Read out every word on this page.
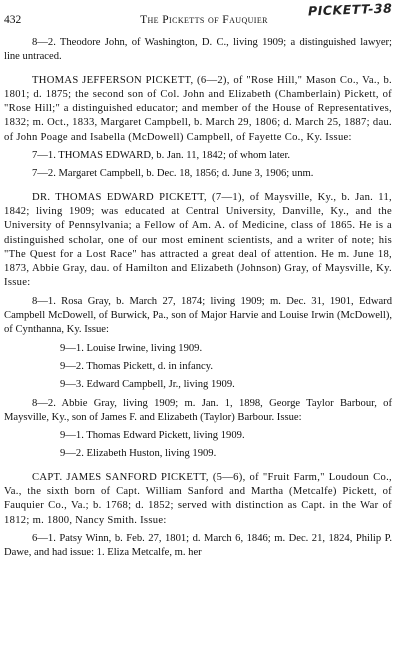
432	The Picketts of Fauquier
PICKETT-38

8—2. Theodore John, of Washington, D. C., living 1909; a distinguished lawyer; line untraced.

THOMAS JEFFERSON PICKETT, (6—2), of "Rose Hill," Mason Co., Va., b. 1801; d. 1875; the second son of Col. John and Elizabeth (Chamberlain) Pickett, of "Rose Hill;" a distinguished educator; and member of the House of Representatives, 1832; m. Oct., 1833, Margaret Campbell, b. March 29, 1806; d. March 25, 1887; dau. of John Poage and Isabella (McDowell) Campbell, of Fayette Co., Ky. Issue:

7—1. THOMAS EDWARD, b. Jan. 11, 1842; of whom later.

7—2. Margaret Campbell, b. Dec. 18, 1856; d. June 3, 1906; unm.

DR. THOMAS EDWARD PICKETT, (7—1), of Maysville, Ky., b. Jan. 11, 1842; living 1909; was educated at Central University, Danville, Ky., and the University of Pennsylvania; a Fellow of Am. A. of Medicine, class of 1865. He is a distinguished scholar, one of our most eminent scientists, and a writer of note; his "The Quest for a Lost Race" has attracted a great deal of attention. He m. June 18, 1873, Abbie Gray, dau. of Hamilton and Elizabeth (Johnson) Gray, of Maysville, Ky. Issue:

8—1. Rosa Gray, b. March 27, 1874; living 1909; m. Dec. 31, 1901, Edward Campbell McDowell, of Burwick, Pa., son of Major Harvie and Louise Irwin (McDowell), of Cynthanna, Ky. Issue:

9—1. Louise Irwine, living 1909.

9—2. Thomas Pickett, d. in infancy.

9—3. Edward Campbell, Jr., living 1909.

8—2. Abbie Gray, living 1909; m. Jan. 1, 1898, George Taylor Barbour, of Maysville, Ky., son of James F. and Elizabeth (Taylor) Barbour. Issue:

9—1. Thomas Edward Pickett, living 1909.

9—2. Elizabeth Huston, living 1909.

CAPT. JAMES SANFORD PICKETT, (5—6), of "Fruit Farm," Loudoun Co., Va., the sixth born of Capt. William Sanford and Martha (Metcalfe) Pickett, of Fauquier Co., Va.; b. 1768; d. 1852; served with distinction as Capt. in the War of 1812; m. 1800, Nancy Smith. Issue:

6—1. Patsy Winn, b. Feb. 27, 1801; d. March 6, 1846; m. Dec. 21, 1824, Philip P. Dawe, and had issue: 1. Eliza Metcalfe, m. her
